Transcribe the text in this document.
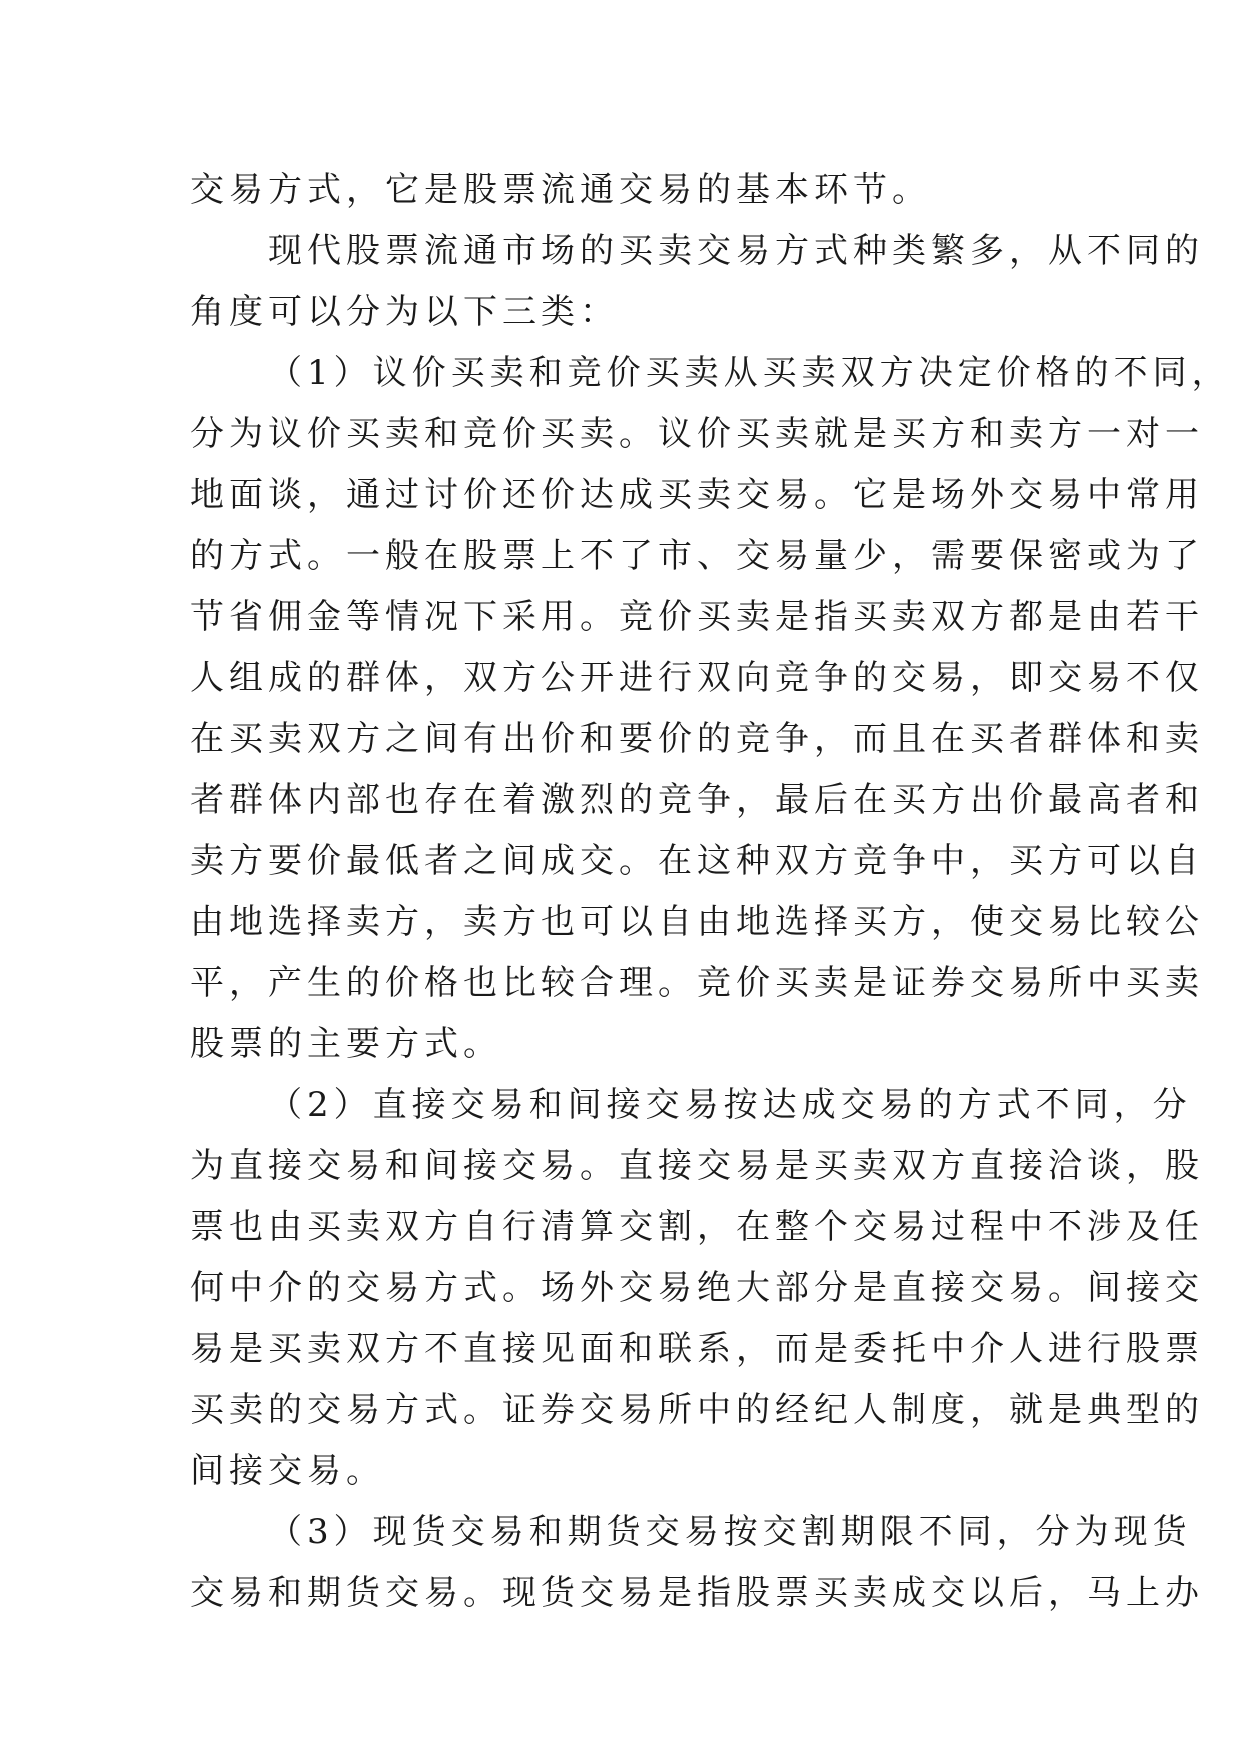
交易方式，它是股票流通交易的基本环节。
现代股票流通市场的买卖交易方式种类繁多，从不同的
角度可以分为以下三类：
（1）议价买卖和竞价买卖从买卖双方决定价格的不同，
分为议价买卖和竞价买卖。议价买卖就是买方和卖方一对一
地面谈，通过讨价还价达成买卖交易。它是场外交易中常用
的方式。一般在股票上不了市、交易量少，需要保密或为了
节省佣金等情况下采用。竞价买卖是指买卖双方都是由若干
人组成的群体，双方公开进行双向竞争的交易，即交易不仅
在买卖双方之间有出价和要价的竞争，而且在买者群体和卖
者群体内部也存在着激烈的竞争，最后在买方出价最高者和
卖方要价最低者之间成交。在这种双方竞争中，买方可以自
由地选择卖方，卖方也可以自由地选择买方，使交易比较公
平，产生的价格也比较合理。竞价买卖是证券交易所中买卖
股票的主要方式。
（2）直接交易和间接交易按达成交易的方式不同，分
为直接交易和间接交易。直接交易是买卖双方直接洽谈，股
票也由买卖双方自行清算交割，在整个交易过程中不涉及任
何中介的交易方式。场外交易绝大部分是直接交易。间接交
易是买卖双方不直接见面和联系，而是委托中介人进行股票
买卖的交易方式。证券交易所中的经纪人制度，就是典型的
间接交易。
（3）现货交易和期货交易按交割期限不同，分为现货
交易和期货交易。现货交易是指股票买卖成交以后，马上办
